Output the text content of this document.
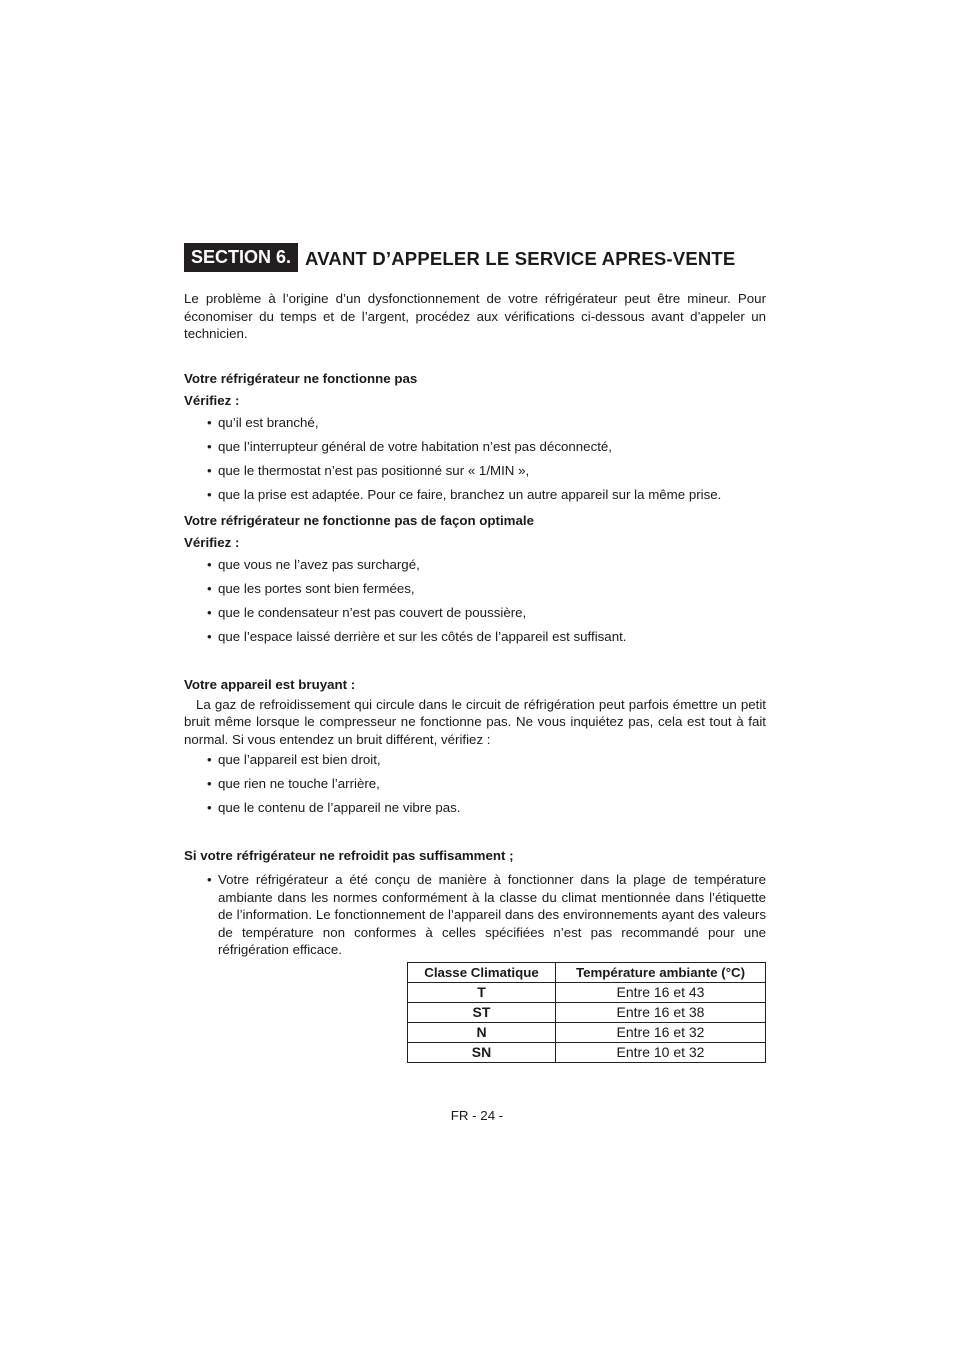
SECTION 6. AVANT D’APPELER LE SERVICE APRES-VENTE

Le problème à l’origine d’un dysfonctionnement de votre réfrigérateur peut être mineur. Pour économiser du temps et de l’argent, procédez aux vérifications ci-dessous avant d’appeler un technicien.

Votre réfrigérateur ne fonctionne pas

Vérifiez :

• qu’il est branché,
• que l’interrupteur général de votre habitation n’est pas déconnecté,
• que le thermostat n’est pas positionné sur « 1/MIN »,
• que la prise est adaptée. Pour ce faire, branchez un autre appareil sur la même prise.

Votre réfrigérateur ne fonctionne pas de façon optimale

Vérifiez :

• que vous ne l’avez pas surchargé,
• que les portes sont bien fermées,
• que le condensateur n’est pas couvert de poussière,
• que l’espace laissé derrière et sur les côtés de l’appareil est suffisant.

Votre appareil est bruyant :

La gaz de refroidissement qui circule dans le circuit de réfrigération peut parfois émettre un petit bruit même lorsque le compresseur ne fonctionne pas. Ne vous inquiétez pas, cela est tout à fait normal. Si vous entendez un bruit différent, vérifiez :

• que l’appareil est bien droit,
• que rien ne touche l’arrière,
• que le contenu de l’appareil ne vibre pas.

Si votre réfrigérateur ne refroidit pas suffisamment ;

• Votre réfrigérateur a été conçu de manière à fonctionner dans la plage de température ambiante dans les normes conformément à la classe du climat mentionnée dans l’étiquette de l’information. Le fonctionnement de l’appareil dans des environnements ayant des valeurs de température non conformes à celles spécifiées n’est pas recommandé pour une réfrigération efficace.
Classe Climatique	Température ambiante (°C)
T	Entre 16 et 43
ST	Entre 16 et 38
N	Entre 16 et 32
SN	Entre 10 et 32
FR - 24 -
